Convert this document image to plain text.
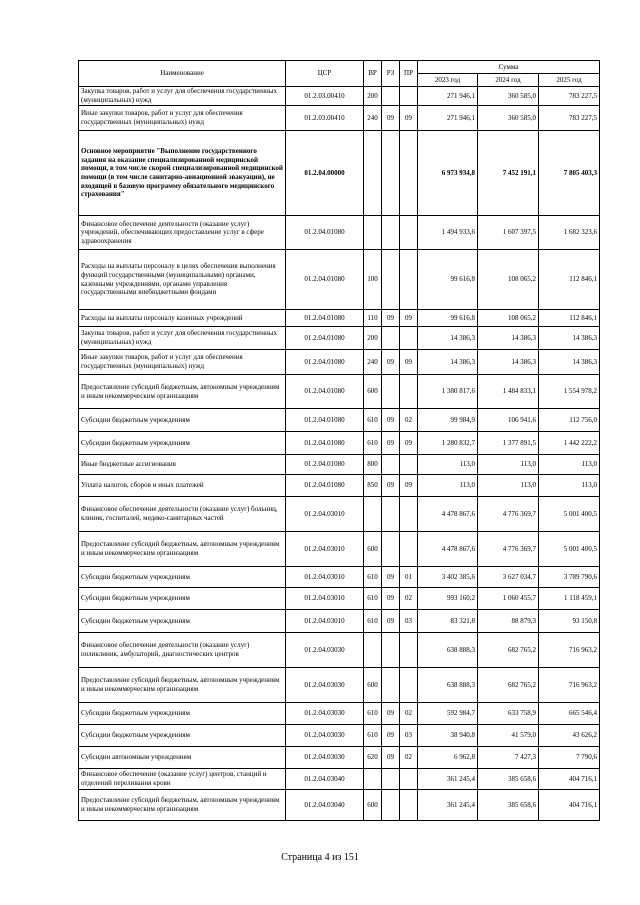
Наименование	ЦСР	ВР	РЗ	ПР	Сумма		
					2023 год	2024 год	2025 год
Закупка товаров, работ и услуг для обеспечения государственных (муниципальных) нужд	01.2.03.00410	200			271 946,1	360 585,0	783 227,5
Иные закупки товаров, работ и услуг для обеспечения государственных (муниципальных) нужд	01.2.03.00410	240	09	09	271 946,1	360 585,0	783 227,5
Основное мероприятие "Выполнение государственного задания на оказание специализированной медицинской помощи, в том числе скорой специализированной медицинской помощи (в том числе санитарно-авиационной эвакуации), не входящей в базовую программу обязательного медицинского страхования"	01.2.04.00000				6 973 934,8	7 452 191,1	7 805 403,3
Финансовое обеспечение деятельности (оказание услуг) учреждений, обеспечивающих предоставление услуг в сфере здравоохранения	01.2.04.01080				1 494 933,6	1 607 397,5	1 682 323,6
Расходы на выплаты персоналу в целях обеспечения выполнения функций государственными (муниципальными) органами, казенными учреждениями, органами управления государственными внебюджетными фондами	01.2.04.01080	100			99 616,8	108 065,2	112 846,1
Расходы на выплаты персоналу казенных учреждений	01.2.04.01080	110	09	09	99 616,8	108 065,2	112 846,1
Закупка товаров, работ и услуг для обеспечения государственных (муниципальных) нужд	01.2.04.01080	200			14 386,3	14 386,3	14 386,3
Иные закупки товаров, работ и услуг для обеспечения государственных (муниципальных) нужд	01.2.04.01080	240	09	09	14 386,3	14 386,3	14 386,3
Предоставление субсидий бюджетным, автономным учреждениям и иным некоммерческим организациям	01.2.04.01080	600			1 380 817,6	1 484 833,1	1 554 978,2
Субсидии бюджетным учреждениям	01.2.04.01080	610	09	02	99 984,9	106 941,6	112 756,0
Субсидии бюджетным учреждениям	01.2.04.01080	610	09	09	1 280 832,7	1 377 891,5	1 442 222,2
Иные бюджетные ассигнования	01.2.04.01080	800			113,0	113,0	113,0
Уплата налогов, сборов и иных платежей	01.2.04.01080	850	09	09	113,0	113,0	113,0
Финансовое обеспечение деятельности (оказание услуг) больниц, клиник, госпиталей, медико-санитарных частей	01.2.04.03010				4 478 867,6	4 776 369,7	5 001 400,5
Предоставление субсидий бюджетным, автономным учреждениям и иным некоммерческим организациям	01.2.04.03010	600			4 478 867,6	4 776 369,7	5 001 400,5
Субсидии бюджетным учреждениям	01.2.04.03010	610	09	01	3 402 385,6	3 627 034,7	3 789 790,6
Субсидии бюджетным учреждениям	01.2.04.03010	610	09	02	993 160,2	1 060 455,7	1 118 459,1
Субсидии бюджетным учреждениям	01.2.04.03010	610	09	03	83 321,8	88 879,3	93 150,8
Финансовое обеспечение деятельности (оказание услуг) поликлиник, амбулаторий, диагностических центров	01.2.04.03030				638 888,3	682 765,2	716 963,2
Предоставление субсидий бюджетным, автономным учреждениям и иным некоммерческим организациям	01.2.04.03030	600			638 888,3	682 765,2	716 963,2
Субсидии бюджетным учреждениям	01.2.04.03030	610	09	02	592 984,7	633 758,9	665 546,4
Субсидии бюджетным учреждениям	01.2.04.03030	610	09	03	38 940,8	41 579,0	43 626,2
Субсидии автономным учреждениям	01.2.04.03030	620	09	02	6 962,8	7 427,3	7 790,6
Финансовое обеспечение (оказание услуг) центров, станций и отделений переливания крови	01.2.04.03040				361 245,4	385 658,6	404 716,1
Предоставление субсидий бюджетным, автономным учреждениям и иным некоммерческим организациям	01.2.04.03040	600			361 245,4	385 658,6	404 716,1
Страница 4 из 151
